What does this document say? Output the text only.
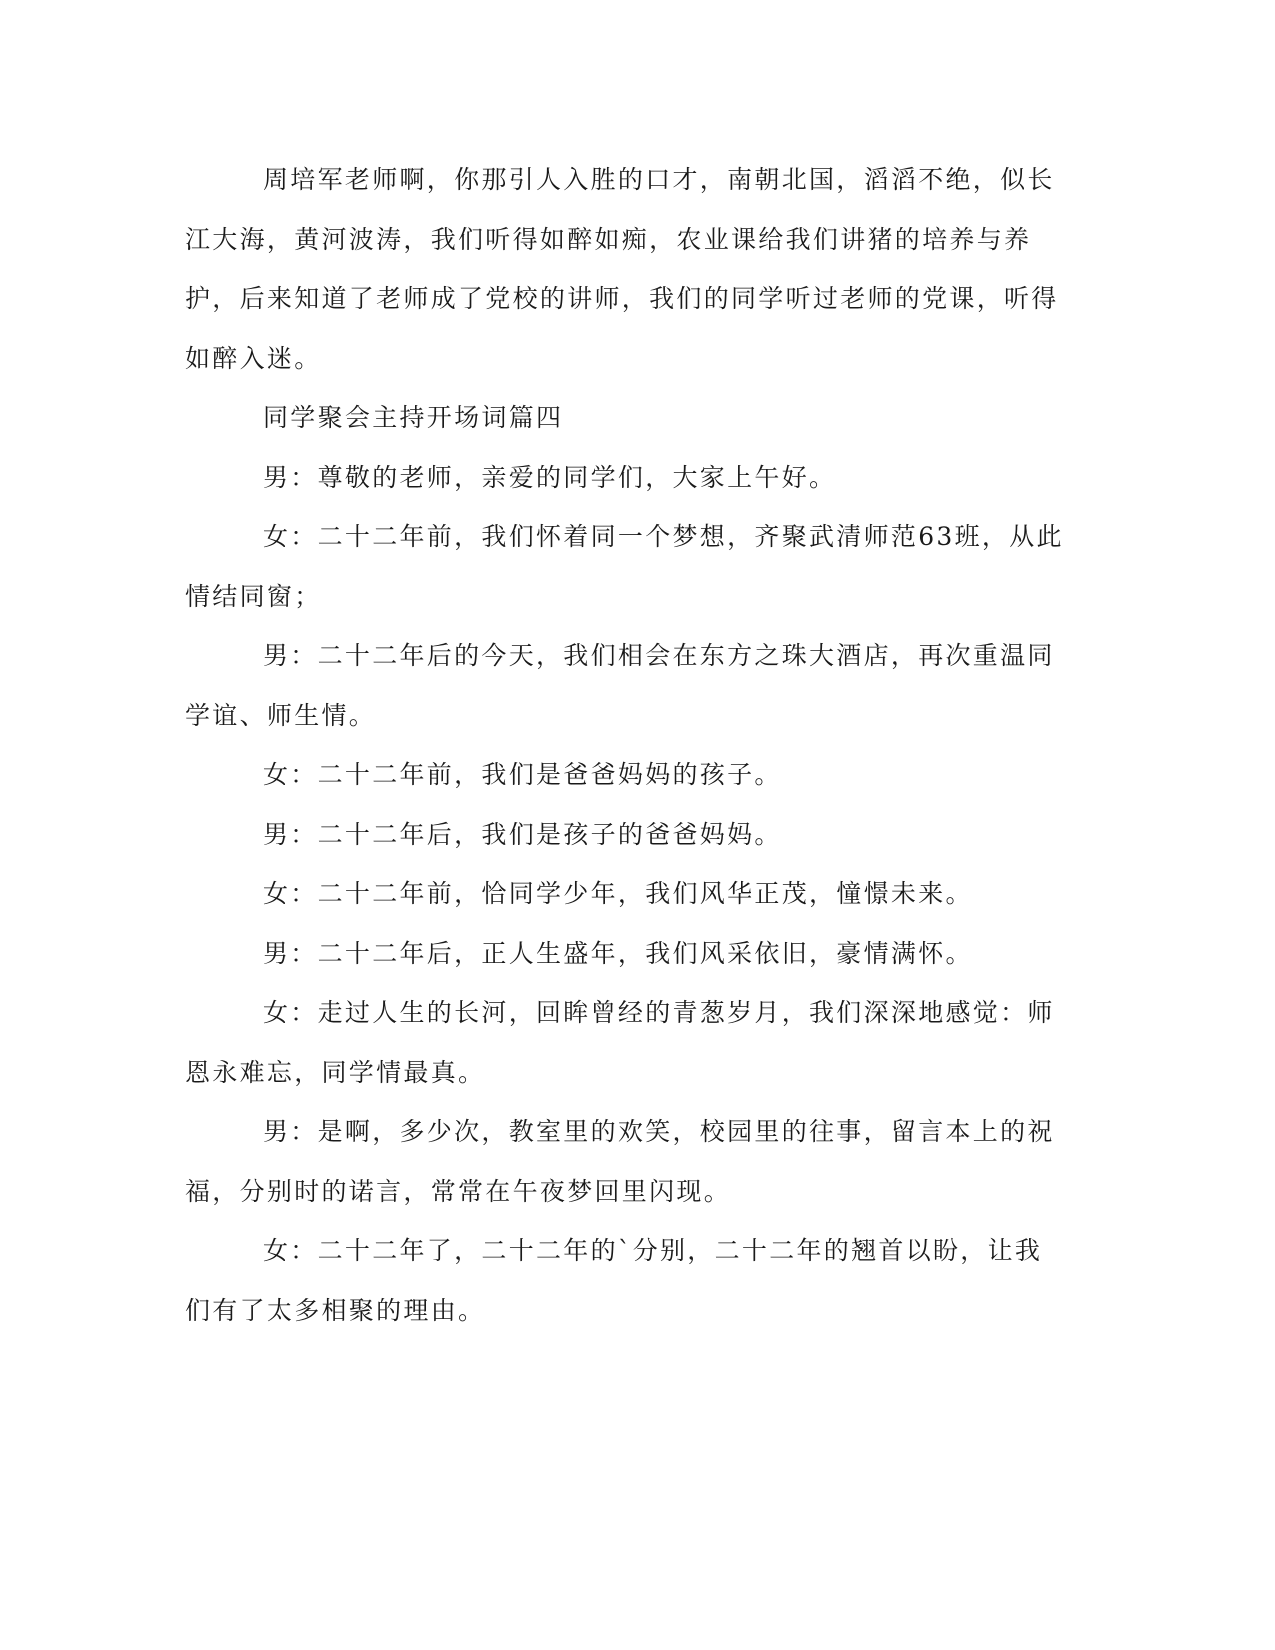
周培军老师啊，你那引人入胜的口才，南朝北国，滔滔不绝，似长江大海，黄河波涛，我们听得如醉如痴，农业课给我们讲猪的培养与养护，后来知道了老师成了党校的讲师，我们的同学听过老师的党课，听得如醉入迷。

同学聚会主持开场词篇四

男：尊敬的老师，亲爱的同学们，大家上午好。

女：二十二年前，我们怀着同一个梦想，齐聚武清师范63班，从此情结同窗；

男：二十二年后的今天，我们相会在东方之珠大酒店，再次重温同学谊、师生情。

女：二十二年前，我们是爸爸妈妈的孩子。

男：二十二年后，我们是孩子的爸爸妈妈。

女：二十二年前，恰同学少年，我们风华正茂，憧憬未来。

男：二十二年后，正人生盛年，我们风采依旧，豪情满怀。

女：走过人生的长河，回眸曾经的青葱岁月，我们深深地感觉：师恩永难忘，同学情最真。

男：是啊，多少次，教室里的欢笑，校园里的往事，留言本上的祝福，分别时的诺言，常常在午夜梦回里闪现。

女：二十二年了，二十二年的`分别，二十二年的翘首以盼，让我们有了太多相聚的理由。
